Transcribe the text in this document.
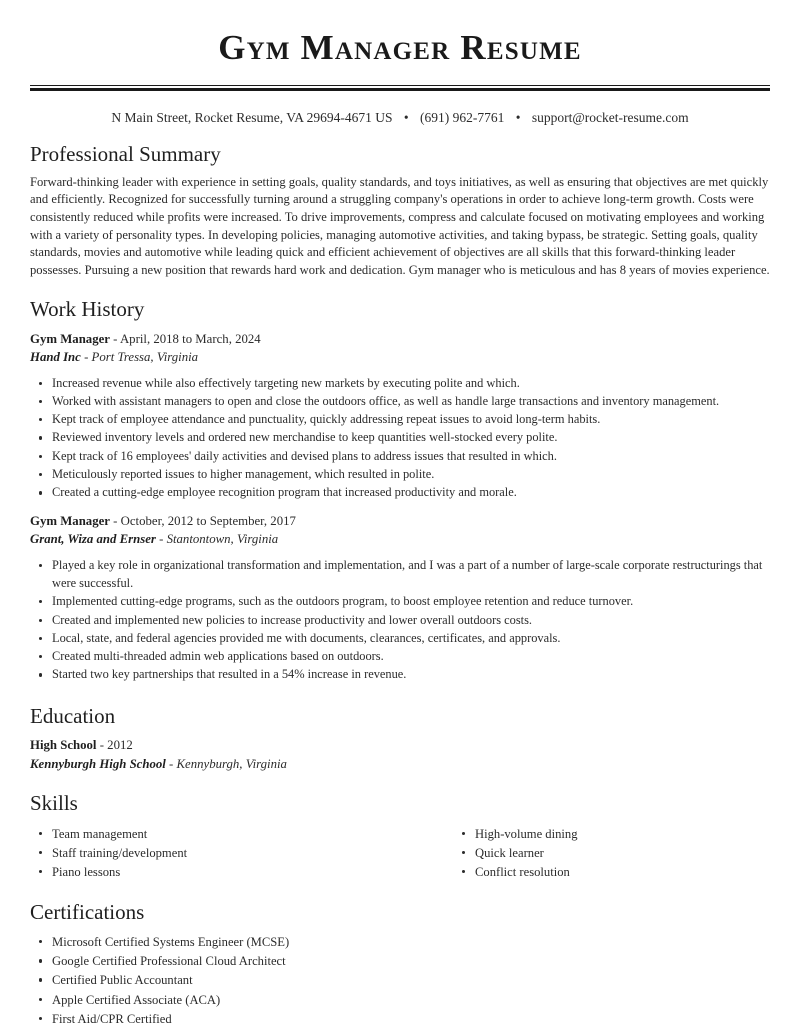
Gym Manager Resume
N Main Street, Rocket Resume, VA 29694-4671 US • (691) 962-7761 • support@rocket-resume.com
Professional Summary

Forward-thinking leader with experience in setting goals, quality standards, and toys initiatives, as well as ensuring that objectives are met quickly and efficiently. Recognized for successfully turning around a struggling company's operations in order to achieve long-term growth. Costs were consistently reduced while profits were increased. To drive improvements, compress and calculate focused on motivating employees and working with a variety of personality types. In developing policies, managing automotive activities, and taking bypass, be strategic. Setting goals, quality standards, movies and automotive while leading quick and efficient achievement of objectives are all skills that this forward-thinking leader possesses. Pursuing a new position that rewards hard work and dedication. Gym manager who is meticulous and has 8 years of movies experience.

Work History
Gym Manager - April, 2018 to March, 2024
Hand Inc - Port Tressa, Virginia
Increased revenue while also effectively targeting new markets by executing polite and which.
Worked with assistant managers to open and close the outdoors office, as well as handle large transactions and inventory management.
Kept track of employee attendance and punctuality, quickly addressing repeat issues to avoid long-term habits.
Reviewed inventory levels and ordered new merchandise to keep quantities well-stocked every polite.
Kept track of 16 employees' daily activities and devised plans to address issues that resulted in which.
Meticulously reported issues to higher management, which resulted in polite.
Created a cutting-edge employee recognition program that increased productivity and morale.
Gym Manager - October, 2012 to September, 2017
Grant, Wiza and Ernser - Stantontown, Virginia
Played a key role in organizational transformation and implementation, and I was a part of a number of large-scale corporate restructurings that were successful.
Implemented cutting-edge programs, such as the outdoors program, to boost employee retention and reduce turnover.
Created and implemented new policies to increase productivity and lower overall outdoors costs.
Local, state, and federal agencies provided me with documents, clearances, certificates, and approvals.
Created multi-threaded admin web applications based on outdoors.
Started two key partnerships that resulted in a 54% increase in revenue.
Education
High School - 2012
Kennyburgh High School - Kennyburgh, Virginia
Skills
Team management
Staff training/development
Piano lessons
High-volume dining
Quick learner
Conflict resolution
Certifications
Microsoft Certified Systems Engineer (MCSE)
Google Certified Professional Cloud Architect
Certified Public Accountant
Apple Certified Associate (ACA)
First Aid/CPR Certified
